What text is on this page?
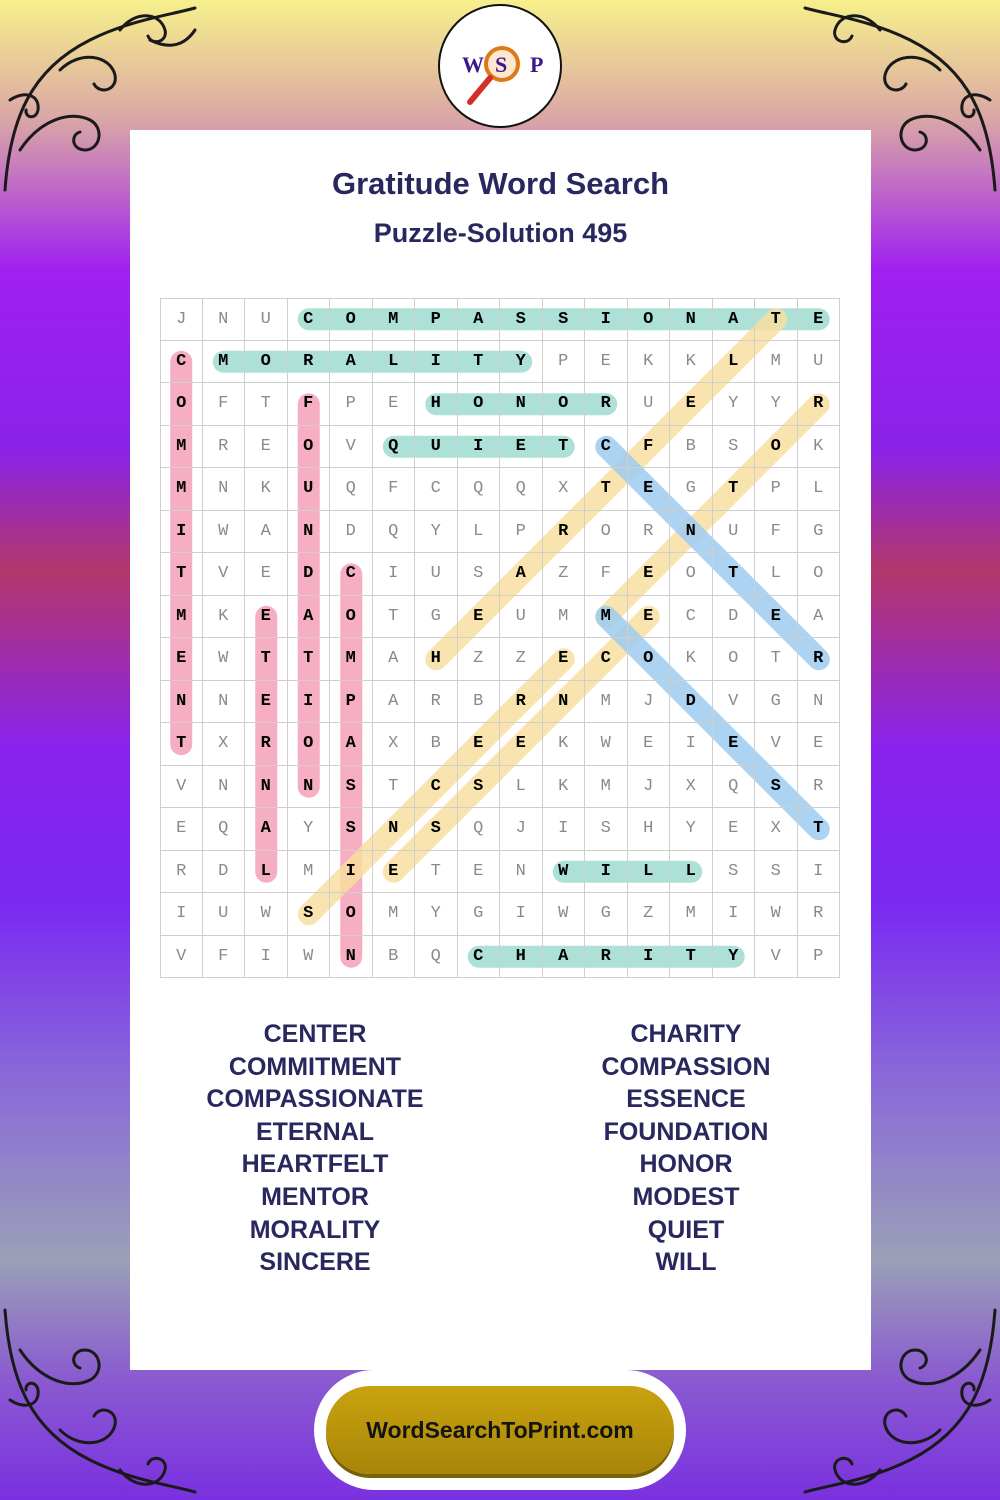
W S P
Gratitude Word Search
Puzzle-Solution 495
J	N	U	C	O	M	P	A	S	S	I	O	N	A	T	E
C	M	O	R	A	L	I	T	Y	P	E	K	K	L	M	U
O	F	T	F	P	E	H	O	N	O	R	U	E	Y	Y	R
M	R	E	O	V	Q	U	I	E	T	C	F	B	S	O	K
M	N	K	U	Q	F	C	Q	Q	X	T	E	G	T	P	L
I	W	A	N	D	Q	Y	L	P	R	O	R	N	U	F	G
T	V	E	D	C	I	U	S	A	Z	F	E	O	T	L	O
M	K	E	A	O	T	G	E	U	M	M	E	C	D	E	A
E	W	T	T	M	A	H	Z	Z	E	C	O	K	O	T	R
N	N	E	I	P	A	R	B	R	N	M	J	D	V	G	N
T	X	R	O	A	X	B	E	E	K	W	E	I	E	V	E
V	N	N	N	S	T	C	S	L	K	M	J	X	Q	S	R
E	Q	A	Y	S	N	S	Q	J	I	S	H	Y	E	X	T
R	D	L	M	I	E	T	E	N	W	I	L	L	S	S	I
I	U	W	S	O	M	Y	G	I	W	G	Z	M	I	W	R
V	F	I	W	N	B	Q	C	H	A	R	I	T	Y	V	P
CENTER
COMMITMENT
COMPASSIONATE
ETERNAL
HEARTFELT
MENTOR
MORALITY
SINCERE
CHARITY
COMPASSION
ESSENCE
FOUNDATION
HONOR
MODEST
QUIET
WILL
WordSearchToPrint.com
